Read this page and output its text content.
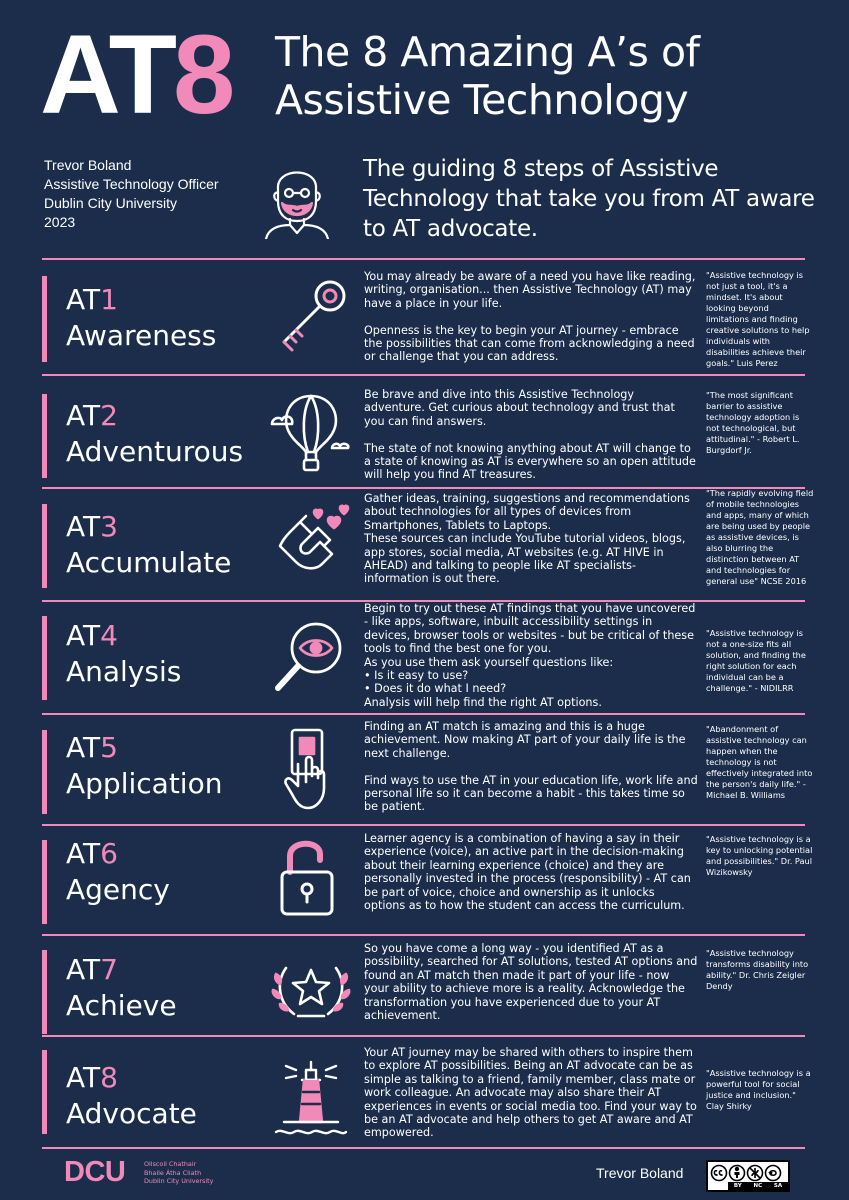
AT8	The 8 Amazing A’s of
Assistive Technology
Trevor Boland
Assistive Technology Officer
Dublin City University
2023
The guiding 8 steps of Assistive Technology that take you from AT aware to AT advocate.
AT1
Awareness
You may already be aware of a need you have like reading, writing, organisation... then Assistive Technology (AT) may have a place in your life.

Openness is the key to begin your AT journey - embrace the possibilities that can come from acknowledging a need or challenge that you can address.
"Assistive technology is not just a tool, it's a mindset. It's about looking beyond limitations and finding creative solutions to help individuals with disabilities achieve their goals." Luis Perez
AT2
Adventurous
Be brave and dive into this Assistive Technology adventure. Get curious about technology and trust that you can find answers.

The state of not knowing anything about AT will change to a state of knowing as AT is everywhere so an open attitude will help you find AT treasures.
"The most significant barrier to assistive technology adoption is not technological, but attitudinal." - Robert L. Burgdorf Jr.
AT3
Accumulate
Gather ideas, training, suggestions and recommendations about technologies for all types of devices from Smartphones, Tablets to Laptops.
These sources can include YouTube tutorial videos, blogs, app stores, social media, AT websites (e.g. AT HIVE in AHEAD) and talking to people like AT specialists- information is out there.
"The rapidly evolving field of mobile technologies and apps, many of which are being used by people as assistive devices, is also blurring the distinction between AT and technologies for general use" NCSE 2016
AT4
Analysis
Begin to try out these AT findings that you have uncovered - like apps, software, inbuilt accessibility settings in devices, browser tools or websites - but be critical of these tools to find the best one for you.
As you use them ask yourself questions like:
• Is it easy to use?
• Does it do what I need?
Analysis will help find the right AT options.
"Assistive technology is not a one-size fits all solution, and finding the right solution for each individual can be a challenge." - NIDILRR
AT5
Application
Finding an AT match is amazing and this is a huge achievement. Now making AT part of your daily life is the next challenge.

Find ways to use the AT in your education life, work life and personal life so it can become a habit - this takes time so be patient.
"Abandonment of assistive technology can happen when the technology is not effectively integrated into the person's daily life." - Michael B. Williams
AT6
Agency
Learner agency is a combination of having a say in their experience (voice), an active part in the decision-making about their learning experience (choice) and they are personally invested in the process (responsibility) - AT can be part of voice, choice and ownership as it unlocks options as to how the student can access the curriculum.
"Assistive technology is a key to unlocking potential and possibilities." Dr. Paul Wizikowsky
AT7
Achieve
So you have come a long way - you identified AT as a possibility, searched for AT solutions, tested AT options and found an AT match then made it part of your life - now your ability to achieve more is a reality. Acknowledge the transformation you have experienced due to your AT achievement.
"Assistive technology transforms disability into ability." Dr. Chris Zeigler Dendy
AT8
Advocate
Your AT journey may be shared with others to inspire them to explore AT possibilities. Being an AT advocate can be as simple as talking to a friend, family member, class mate or work colleague. An advocate may also share their AT experiences in events or social media too. Find your way to be an AT advocate and help others to get AT aware and AT empowered.
"Assistive technology is a powerful tool for social justice and inclusion." Clay Shirky
DCU	Ollscoil Chathair
Bhaile Átha Cliath
Dublin City University
Trevor Boland
BY NC SA
